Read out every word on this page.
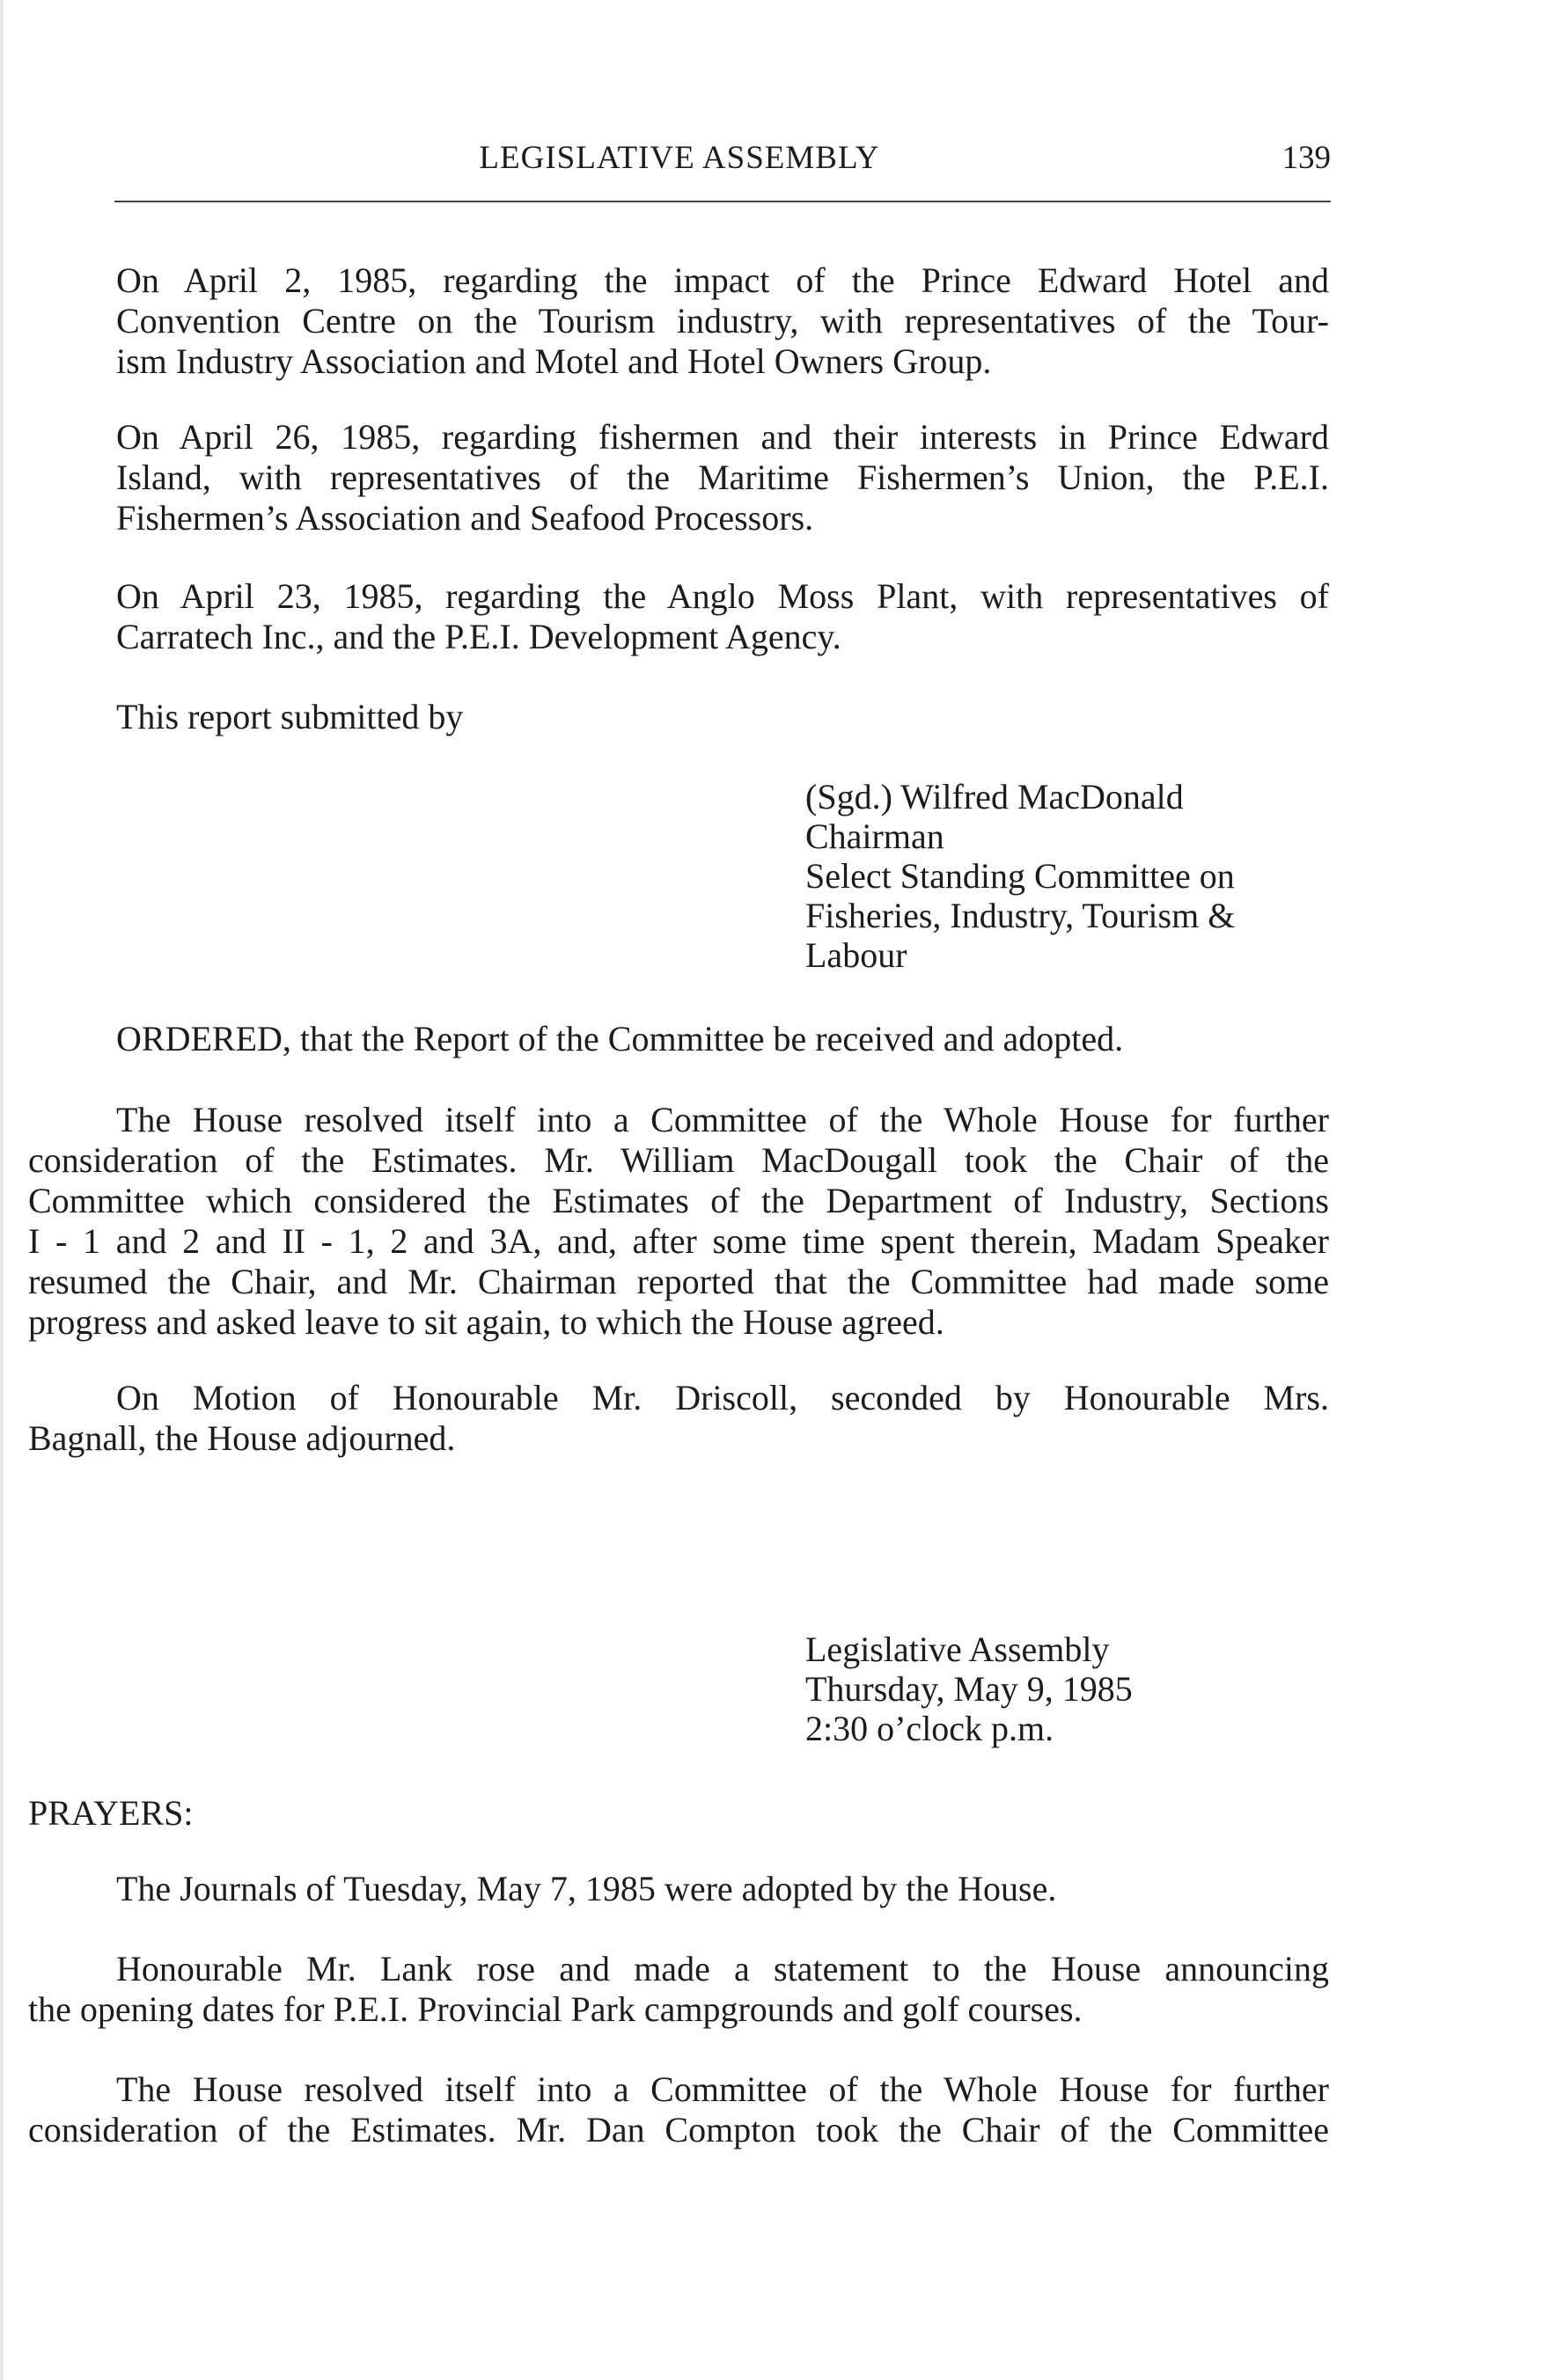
LEGISLATIVE ASSEMBLY	139

On April 2, 1985, regarding the impact of the Prince Edward Hotel and
Convention Centre on the Tourism industry, with representatives of the Tour-
ism Industry Association and Motel and Hotel Owners Group.

On April 26, 1985, regarding fishermen and their interests in Prince Edward
Island, with representatives of the Maritime Fishermen’s Union, the P.E.I.
Fishermen’s Association and Seafood Processors.

On April 23, 1985, regarding the Anglo Moss Plant, with representatives of
Carratech Inc., and the P.E.I. Development Agency.

This report submitted by

(Sgd.) Wilfred MacDonald
Chairman
Select Standing Committee on
Fisheries, Industry, Tourism &
Labour

ORDERED, that the Report of the Committee be received and adopted.

The House resolved itself into a Committee of the Whole House for further
consideration of the Estimates. Mr. William MacDougall took the Chair of the
Committee which considered the Estimates of the Department of Industry, Sections
I - 1 and 2 and II - 1, 2 and 3A, and, after some time spent therein, Madam Speaker
resumed the Chair, and Mr. Chairman reported that the Committee had made some
progress and asked leave to sit again, to which the House agreed.

On Motion of Honourable Mr. Driscoll, seconded by Honourable Mrs.
Bagnall, the House adjourned.

Legislative Assembly
Thursday, May 9, 1985
2:30 o’clock p.m.

PRAYERS:

The Journals of Tuesday, May 7, 1985 were adopted by the House.

Honourable Mr. Lank rose and made a statement to the House announcing
the opening dates for P.E.I. Provincial Park campgrounds and golf courses.

The House resolved itself into a Committee of the Whole House for further
consideration of the Estimates. Mr. Dan Compton took the Chair of the Committee
